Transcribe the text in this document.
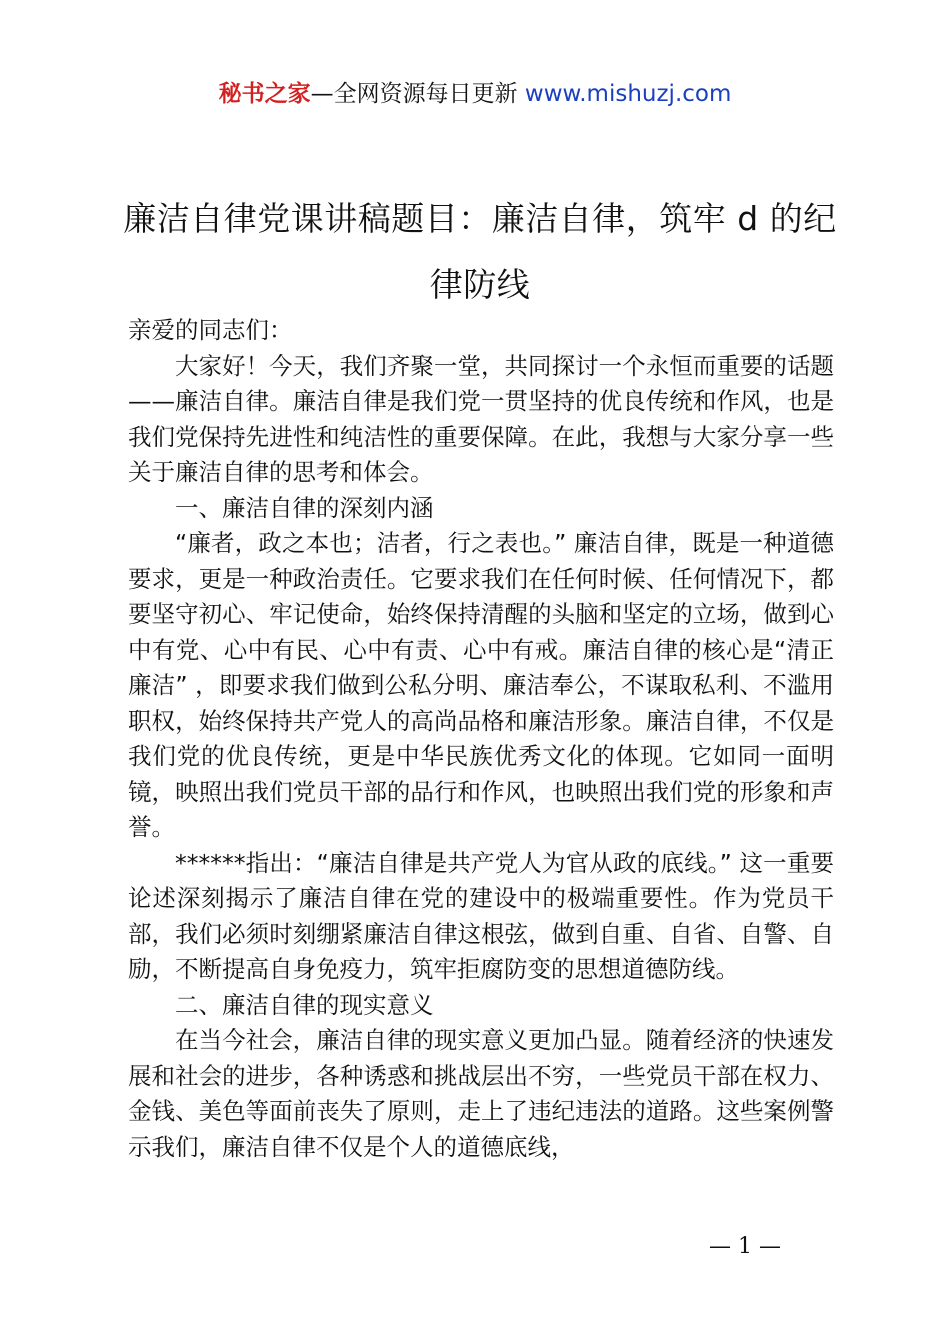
秘书之家—全网资源每日更新 www.mishuzj.com
廉洁自律党课讲稿题目：廉洁自律，筑牢 d 的纪律防线

亲爱的同志们：

大家好！今天，我们齐聚一堂，共同探讨一个永恒而重要的话题——廉洁自律。廉洁自律是我们党一贯坚持的优良传统和作风，也是我们党保持先进性和纯洁性的重要保障。在此，我想与大家分享一些关于廉洁自律的思考和体会。

一、廉洁自律的深刻内涵

“廉者，政之本也；洁者，行之表也。” 廉洁自律，既是一种道德要求，更是一种政治责任。它要求我们在任何时候、任何情况下，都要坚守初心、牢记使命，始终保持清醒的头脑和坚定的立场，做到心中有党、心中有民、心中有责、心中有戒。廉洁自律的核心是“清正廉洁” ，即要求我们做到公私分明、廉洁奉公，不谋取私利、不滥用职权，始终保持共产党人的高尚品格和廉洁形象。廉洁自律，不仅是我们党的优良传统，更是中华民族优秀文化的体现。它如同一面明镜，映照出我们党员干部的品行和作风，也映照出我们党的形象和声誉。

******指出：“廉洁自律是共产党人为官从政的底线。” 这一重要论述深刻揭示了廉洁自律在党的建设中的极端重要性。作为党员干部，我们必须时刻绷紧廉洁自律这根弦，做到自重、自省、自警、自励，不断提高自身免疫力，筑牢拒腐防变的思想道德防线。

二、廉洁自律的现实意义

在当今社会，廉洁自律的现实意义更加凸显。随着经济的快速发展和社会的进步，各种诱惑和挑战层出不穷，一些党员干部在权力、金钱、美色等面前丧失了原则，走上了违纪违法的道路。这些案例警示我们，廉洁自律不仅是个人的道德底线，

— 1 —
